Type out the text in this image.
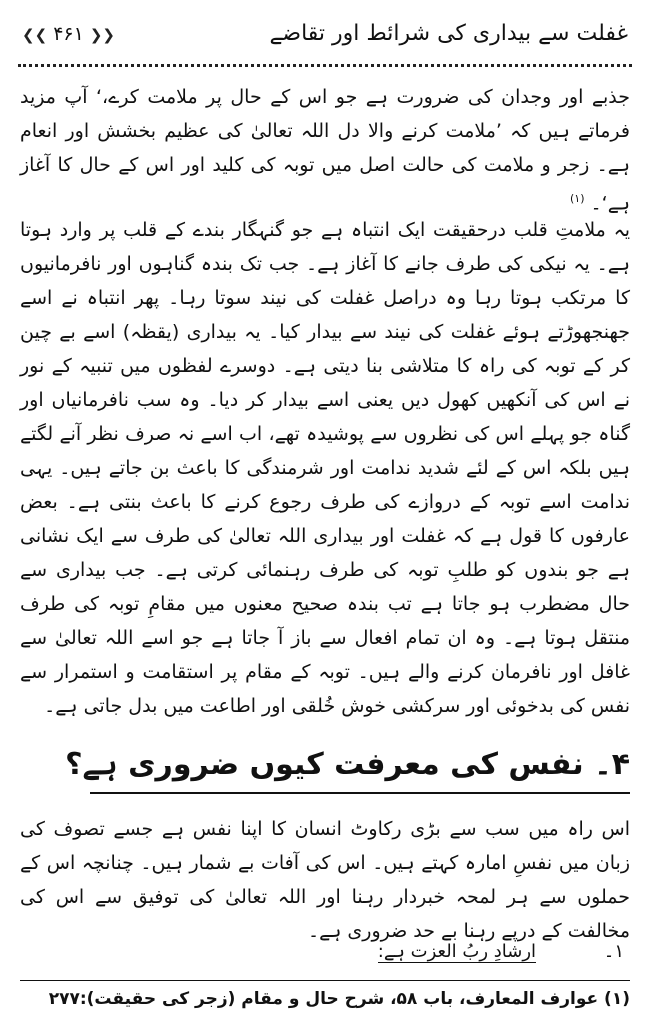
غفلت سے بیداری کی شرائط اور تقاضے
❮❮ ۴۶۱ ❯❯

جذبے اور وجدان کی ضرورت ہے جو اس کے حال پر ملامت کرے،‘ آپ مزید فرماتے ہیں کہ ’ملامت کرنے والا دل اللہ تعالیٰ کی عظیم بخشش اور انعام ہے۔ زجر و ملامت کی حالت اصل میں توبہ کی کلید اور اس کے حال کا آغاز ہے‘۔ $^{(۱)}$

یہ ملامتِ قلب درحقیقت ایک انتباہ ہے جو گنہگار بندے کے قلب پر وارد ہوتا ہے۔ یہ نیکی کی طرف جانے کا آغاز ہے۔ جب تک بندہ گناہوں اور نافرمانیوں کا مرتکب ہوتا رہا وہ دراصل غفلت کی نیند سوتا رہا۔ پھر انتباہ نے اسے جھنجھوڑتے ہوئے غفلت کی نیند سے بیدار کیا۔ یہ بیداری (یقظہ) اسے بے چین کر کے توبہ کی راہ کا متلاشی بنا دیتی ہے۔ دوسرے لفظوں میں تنبیہ کے نور نے اس کی آنکھیں کھول دیں یعنی اسے بیدار کر دیا۔ وہ سب نافرمانیاں اور گناہ جو پہلے اس کی نظروں سے پوشیدہ تھے، اب اسے نہ صرف نظر آنے لگتے ہیں بلکہ اس کے لئے شدید ندامت اور شرمندگی کا باعث بن جاتے ہیں۔ یہی ندامت اسے توبہ کے دروازے کی طرف رجوع کرنے کا باعث بنتی ہے۔ بعض عارفوں کا قول ہے کہ غفلت اور بیداری اللہ تعالیٰ کی طرف سے ایک نشانی ہے جو بندوں کو طلبِ توبہ کی طرف رہنمائی کرتی ہے۔ جب بیداری سے حال مضطرب ہو جاتا ہے تب بندہ صحیح معنوں میں مقامِ توبہ کی طرف منتقل ہوتا ہے۔ وہ ان تمام افعال سے باز آ جاتا ہے جو اسے اللہ تعالیٰ سے غافل اور نافرمان کرنے والے ہیں۔ توبہ کے مقام پر استقامت و استمرار سے نفس کی بدخوئی اور سرکشی خوش خُلقی اور اطاعت میں بدل جاتی ہے۔

۴۔ نفس کی معرفت کیوں ضروری ہے؟

اس راہ میں سب سے بڑی رکاوٹ انسان کا اپنا نفس ہے جسے تصوف کی زبان میں نفسِ امارہ کہتے ہیں۔ اس کی آفات بے شمار ہیں۔ چنانچہ اس کے حملوں سے ہر لمحہ خبردار رہنا اور اللہ تعالیٰ کی توفیق سے اس کی مخالفت کے درپے رہنا بے حد ضروری ہے۔

۱۔ ارشادِ ربُ العزت ہے:
(۱) عوارف المعارف، باب ۵۸، شرح حال و مقام (زجر کی حقیقت):۲۷۷
